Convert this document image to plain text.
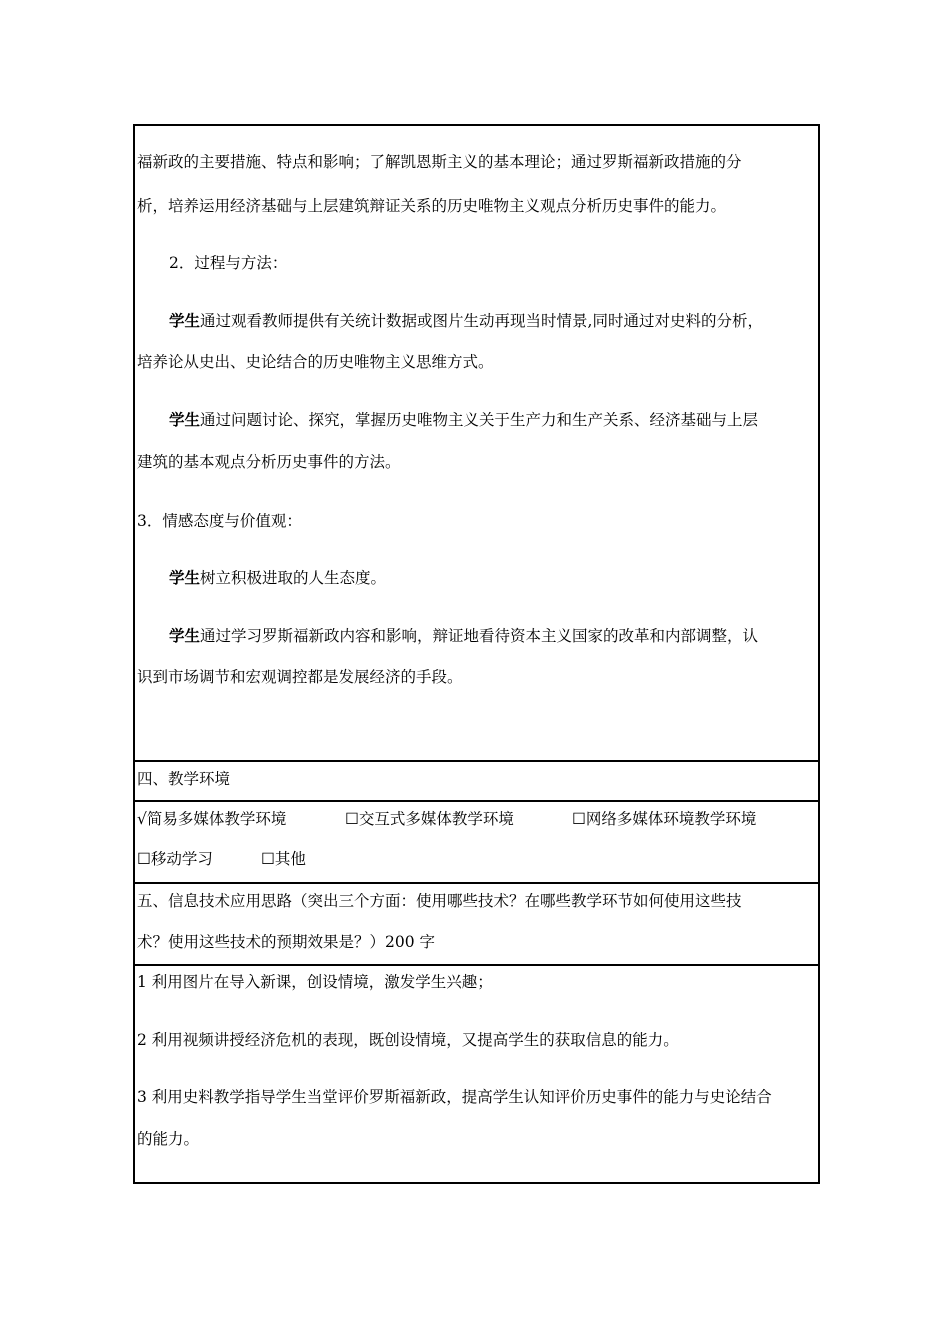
福新政的主要措施、特点和影响；了解凯恩斯主义的基本理论；通过罗斯福新政措施的分
析，培养运用经济基础与上层建筑辩证关系的历史唯物主义观点分析历史事件的能力。
2．过程与方法：
学生通过观看教师提供有关统计数据或图片生动再现当时情景,同时通过对史料的分析，
培养论从史出、史论结合的历史唯物主义思维方式。
学生通过问题讨论、探究，掌握历史唯物主义关于生产力和生产关系、经济基础与上层
建筑的基本观点分析历史事件的方法。
3．情感态度与价值观：
学生树立积极进取的人生态度。
学生通过学习罗斯福新政内容和影响，辩证地看待资本主义国家的改革和内部调整，认
识到市场调节和宏观调控都是发展经济的手段。
四、教学环境
√简易多媒体教学环境	☐交互式多媒体教学环境	☐网络多媒体环境教学环境
☐移动学习	☐其他
五、信息技术应用思路（突出三个方面：使用哪些技术？在哪些教学环节如何使用这些技
术？使用这些技术的预期效果是？）200 字
1 利用图片在导入新课，创设情境，激发学生兴趣；
2 利用视频讲授经济危机的表现，既创设情境，又提高学生的获取信息的能力。
3 利用史料教学指导学生当堂评价罗斯福新政，提高学生认知评价历史事件的能力与史论结合
的能力。
